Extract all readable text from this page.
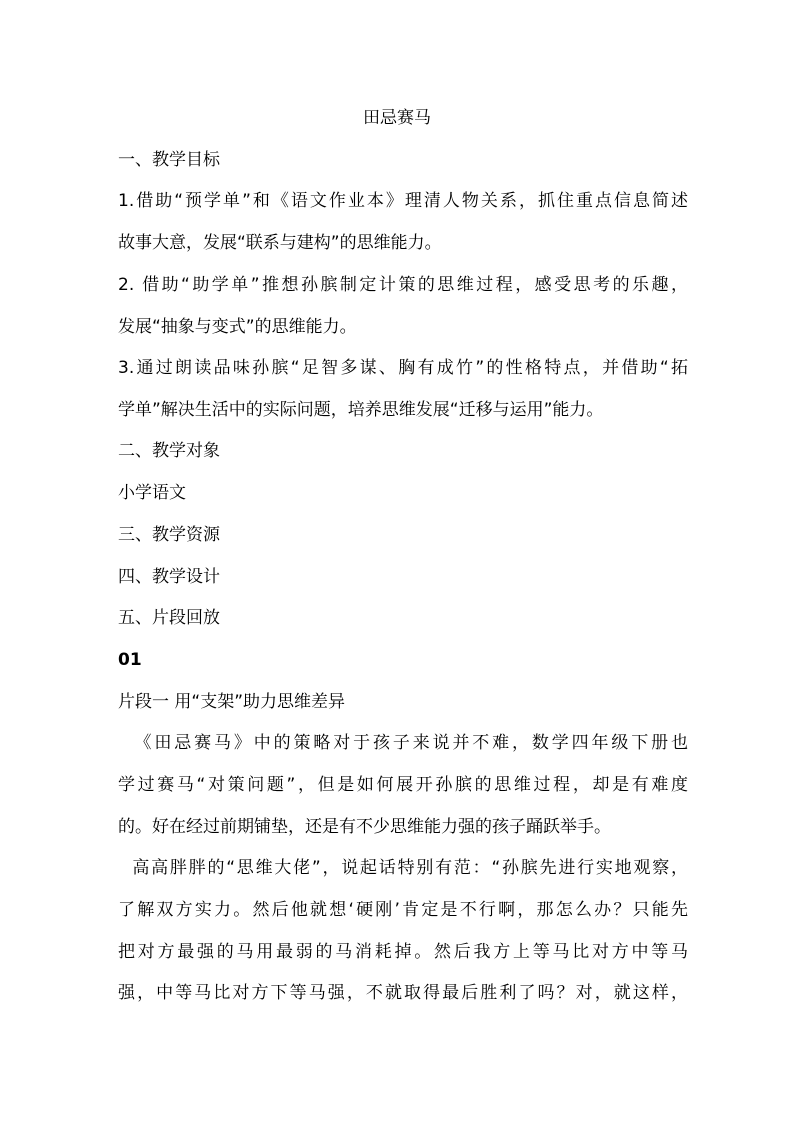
田忌赛马
一、教学目标
1.借助“预学单”和《语文作业本》理清人物关系，抓住重点信息简述
故事大意，发展“联系与建构”的思维能力。
2. 借助“助学单”推想孙膑制定计策的思维过程，感受思考的乐趣，
发展“抽象与变式”的思维能力。
3.通过朗读品味孙膑“足智多谋、胸有成竹”的性格特点，并借助“拓
学单”解决生活中的实际问题，培养思维发展“迁移与运用”能力。
二、教学对象
小学语文
三、教学资源
四、教学设计
五、片段回放
01
片段一 用“支架”助力思维差异
《田忌赛马》中的策略对于孩子来说并不难，数学四年级下册也
学过赛马“对策问题”，但是如何展开孙膑的思维过程，却是有难度
的。好在经过前期铺垫，还是有不少思维能力强的孩子踊跃举手。
高高胖胖的“思维大佬”，说起话特别有范：“孙膑先进行实地观察，
了解双方实力。然后他就想‘硬刚’肯定是不行啊，那怎么办？只能先
把对方最强的马用最弱的马消耗掉。然后我方上等马比对方中等马
强，中等马比对方下等马强，不就取得最后胜利了吗？对，就这样，
